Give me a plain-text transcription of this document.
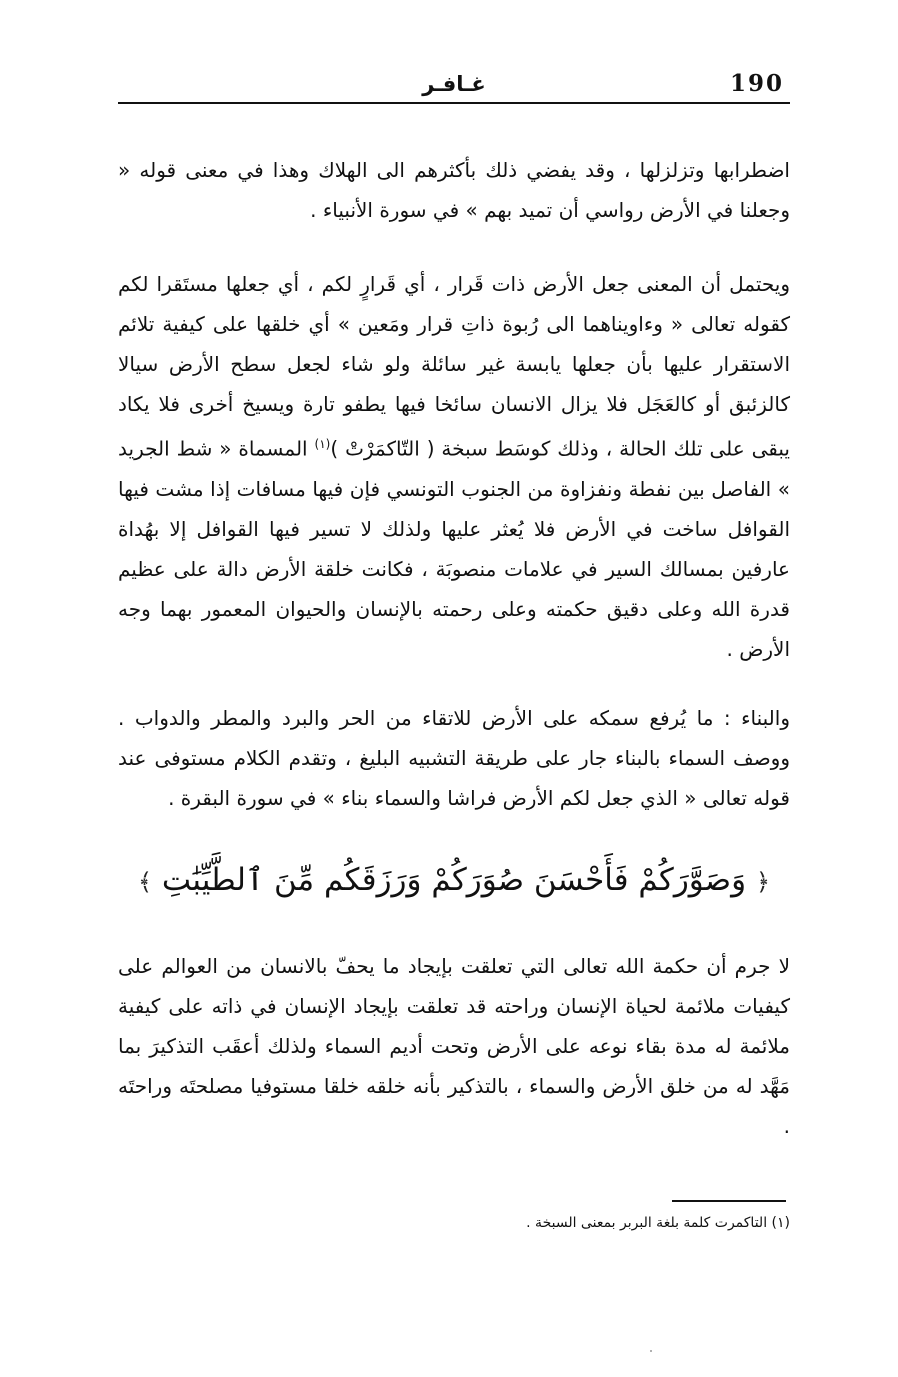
190
غـافـر
اضطرابها وتزلزلها ، وقد يفضي ذلك بأكثرهم الى الهلاك وهذا في معنى قوله « وجعلنا في الأرض رواسي أن تميد بهم » في سورة الأنبياء .
ويحتمل أن المعنى جعل الأرض ذات قَرار ، أي قَرارٍ لكم ، أي جعلها مستَقرا لكم كقوله تعالى « وءاويناهما الى رُبوة ذاتِ قرار ومَعين » أي خلقها على كيفية تلائم الاستقرار عليها بأن جعلها يابسة غير سائلة ولو شاء لجعل سطح الأرض سيالا كالزئبق أو كالعَجَل فلا يزال الانسان سائخا فيها يطفو تارة ويسيخ أخرى فلا يكاد يبقى على تلك الحالة ، وذلك كوسَط سبخة ( التّاكمَرْتْ )$^{(١)}$ المسماة « شط الجريد » الفاصل بين نفطة ونفزاوة من الجنوب التونسي فإن فيها مسافات إذا مشت فيها القوافل ساخت في الأرض فلا يُعثر عليها ولذلك لا تسير فيها القوافل إلا بهُداة عارفين بمسالك السير في علامات منصوبَة ، فكانت خلقة الأرض دالة على عظيم قدرة الله وعلى دقيق حكمته وعلى رحمته بالإنسان والحيوان المعمور بهما وجه الأرض .
والبناء : ما يُرفع سمكه على الأرض للاتقاء من الحر والبرد والمطر والدواب . ووصف السماء بالبناء جار على طريقة التشبيه البليغ ، وتقدم الكلام مستوفى عند قوله تعالى « الذي جعل لكم الأرض فراشا والسماء بناء » في سورة البقرة .
﴿ وَصَوَّرَكُمْ فَأَحْسَنَ صُوَرَكُمْ وَرَزَقَكُم مِّنَ ٱلطَّيِّبَٰتِ ﴾
لا جرم أن حكمة الله تعالى التي تعلقت بإيجاد ما يحفّ بالانسان من العوالم على كيفيات ملائمة لحياة الإنسان وراحته قد تعلقت بإيجاد الإنسان في ذاته على كيفية ملائمة له مدة بقاء نوعه على الأرض وتحت أديم السماء ولذلك أعقَب التذكيرَ بما مَهَّد له من خلق الأرض والسماء ، بالتذكير بأنه خلقه خلقا مستوفيا مصلحتَه وراحتَه .
(١) التاكمرت كلمة بلغة البربر بمعنى السبخة .
